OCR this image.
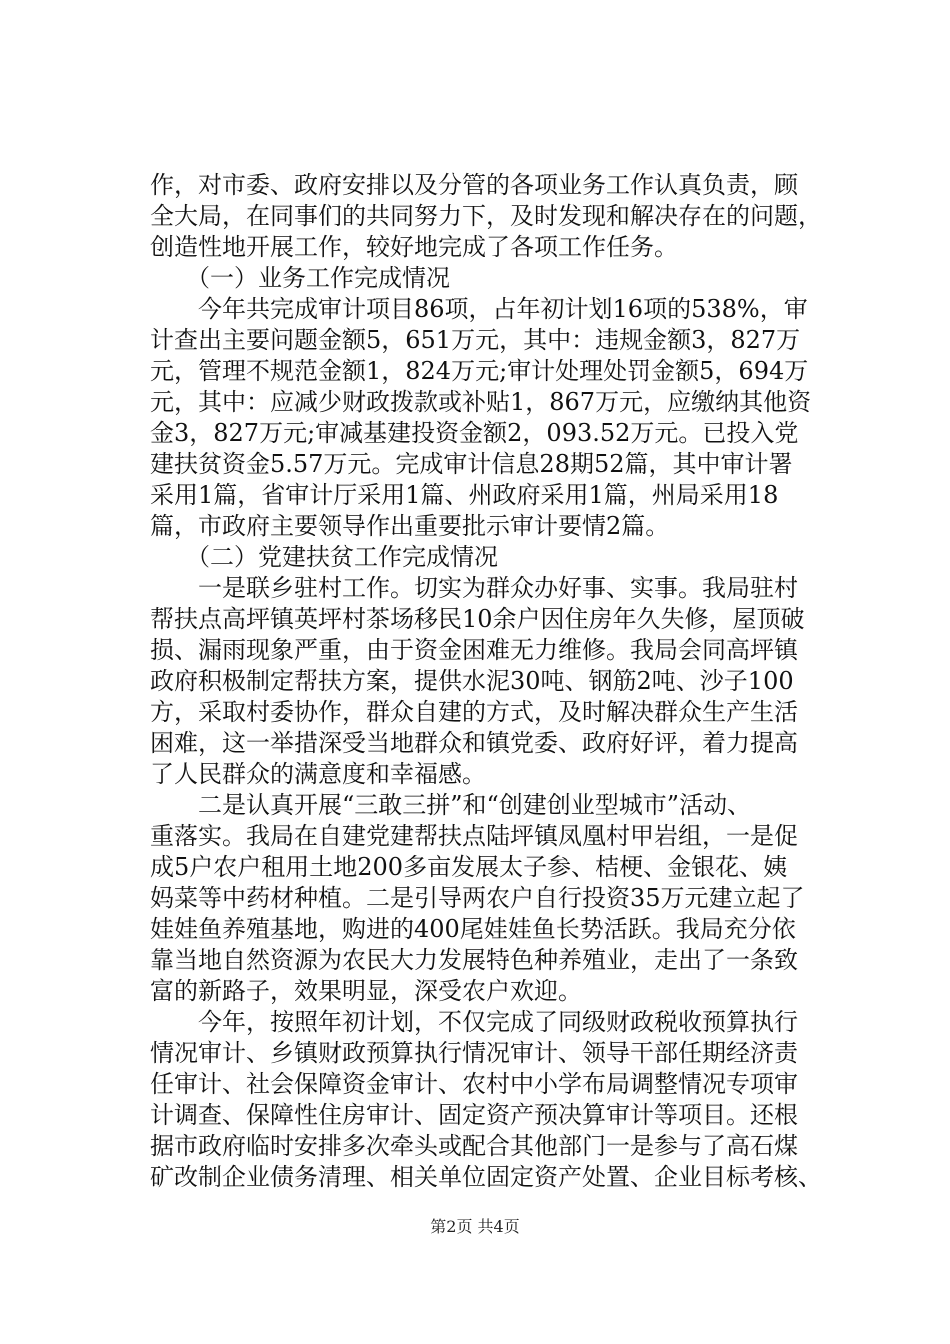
作，对市委、政府安排以及分管的各项业务工作认真负责，顾
全大局，在同事们的共同努力下，及时发现和解决存在的问题，
创造性地开展工作，较好地完成了各项工作任务。
　　（一）业务工作完成情况
　　今年共完成审计项目86项，占年初计划16项的538%，审
计查出主要问题金额5，651万元，其中：违规金额3，827万
元，管理不规范金额1，824万元;审计处理处罚金额5，694万
元，其中：应减少财政拨款或补贴1，867万元，应缴纳其他资
金3，827万元;审减基建投资金额2，093.52万元。已投入党
建扶贫资金5.57万元。完成审计信息28期52篇，其中审计署
采用1篇，省审计厅采用1篇、州政府采用1篇，州局采用18
篇，市政府主要领导作出重要批示审计要情2篇。
　　（二）党建扶贫工作完成情况
　　一是联乡驻村工作。切实为群众办好事、实事。我局驻村
帮扶点高坪镇英坪村茶场移民10余户因住房年久失修，屋顶破
损、漏雨现象严重，由于资金困难无力维修。我局会同高坪镇
政府积极制定帮扶方案，提供水泥30吨、钢筋2吨、沙子100
方，采取村委协作，群众自建的方式，及时解决群众生产生活
困难，这一举措深受当地群众和镇党委、政府好评，着力提高
了人民群众的满意度和幸福感。
　　二是认真开展“三敢三拼”和“创建创业型城市”活动、
重落实。我局在自建党建帮扶点陆坪镇凤凰村甲岩组，一是促
成5户农户租用土地200多亩发展太子参、桔梗、金银花、姨
妈菜等中药材种植。二是引导两农户自行投资35万元建立起了
娃娃鱼养殖基地，购进的400尾娃娃鱼长势活跃。我局充分依
靠当地自然资源为农民大力发展特色种养殖业，走出了一条致
富的新路子，效果明显，深受农户欢迎。
　　今年，按照年初计划，不仅完成了同级财政税收预算执行
情况审计、乡镇财政预算执行情况审计、领导干部任期经济责
任审计、社会保障资金审计、农村中小学布局调整情况专项审
计调查、保障性住房审计、固定资产预决算审计等项目。还根
据市政府临时安排多次牵头或配合其他部门一是参与了高石煤
矿改制企业债务清理、相关单位固定资产处置、企业目标考核、
第2页 共4页
